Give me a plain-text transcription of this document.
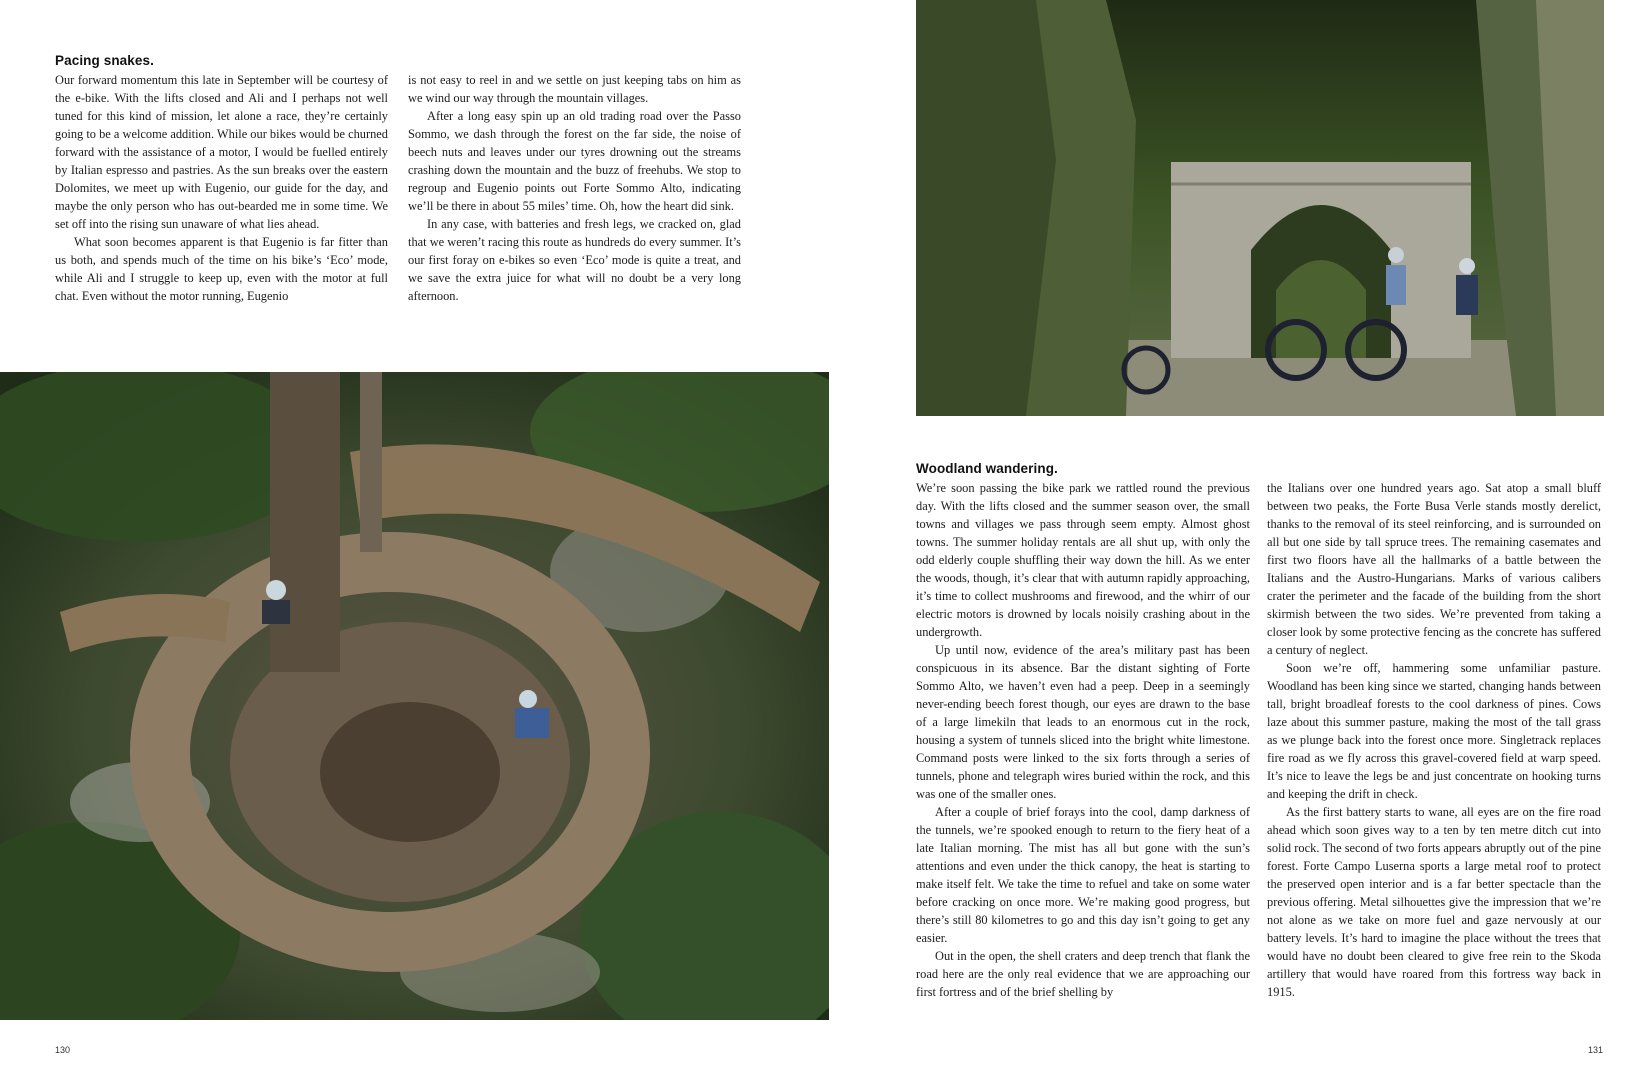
Pacing snakes.

Our forward momentum this late in September will be courtesy of the e-bike. With the lifts closed and Ali and I perhaps not well tuned for this kind of mission, let alone a race, they’re certainly going to be a welcome addition. While our bikes would be churned forward with the assistance of a motor, I would be fuelled entirely by Italian espresso and pastries. As the sun breaks over the eastern Dolomites, we meet up with Eugenio, our guide for the day, and maybe the only person who has out-bearded me in some time. We set off into the rising sun unaware of what lies ahead.

What soon becomes apparent is that Eugenio is far fitter than us both, and spends much of the time on his bike’s ‘Eco’ mode, while Ali and I struggle to keep up, even with the motor at full chat. Even without the motor running, Eugenio

is not easy to reel in and we settle on just keeping tabs on him as we wind our way through the mountain villages.

After a long easy spin up an old trading road over the Passo Sommo, we dash through the forest on the far side, the noise of beech nuts and leaves under our tyres drowning out the streams crashing down the mountain and the buzz of freehubs. We stop to regroup and Eugenio points out Forte Sommo Alto, indicating we’ll be there in about 55 miles’ time. Oh, how the heart did sink.

In any case, with batteries and fresh legs, we cracked on, glad that we weren’t racing this route as hundreds do every summer. It’s our first foray on e-bikes so even ‘Eco’ mode is quite a treat, and we save the extra juice for what will no doubt be a very long afternoon.

130
Woodland wandering.

We’re soon passing the bike park we rattled round the previous day. With the lifts closed and the summer season over, the small towns and villages we pass through seem empty. Almost ghost towns. The summer holiday rentals are all shut up, with only the odd elderly couple shuffling their way down the hill. As we enter the woods, though, it’s clear that with autumn rapidly approaching, it’s time to collect mushrooms and firewood, and the whirr of our electric motors is drowned by locals noisily crashing about in the undergrowth.

Up until now, evidence of the area’s military past has been conspicuous in its absence. Bar the distant sighting of Forte Sommo Alto, we haven’t even had a peep. Deep in a seemingly never-ending beech forest though, our eyes are drawn to the base of a large limekiln that leads to an enormous cut in the rock, housing a system of tunnels sliced into the bright white limestone. Command posts were linked to the six forts through a series of tunnels, phone and telegraph wires buried within the rock, and this was one of the smaller ones.

After a couple of brief forays into the cool, damp darkness of the tunnels, we’re spooked enough to return to the fiery heat of a late Italian morning. The mist has all but gone with the sun’s attentions and even under the thick canopy, the heat is starting to make itself felt. We take the time to refuel and take on some water before cracking on once more. We’re making good progress, but there’s still 80 kilometres to go and this day isn’t going to get any easier.

Out in the open, the shell craters and deep trench that flank the road here are the only real evidence that we are approaching our first fortress and of the brief shelling by

the Italians over one hundred years ago. Sat atop a small bluff between two peaks, the Forte Busa Verle stands mostly derelict, thanks to the removal of its steel reinforcing, and is surrounded on all but one side by tall spruce trees. The remaining casemates and first two floors have all the hallmarks of a battle between the Italians and the Austro-Hungarians. Marks of various calibers crater the perimeter and the facade of the building from the short skirmish between the two sides. We’re prevented from taking a closer look by some protective fencing as the concrete has suffered a century of neglect.

Soon we’re off, hammering some unfamiliar pasture. Woodland has been king since we started, changing hands between tall, bright broadleaf forests to the cool darkness of pines. Cows laze about this summer pasture, making the most of the tall grass as we plunge back into the forest once more. Singletrack replaces fire road as we fly across this gravel-covered field at warp speed. It’s nice to leave the legs be and just concentrate on hooking turns and keeping the drift in check.

As the first battery starts to wane, all eyes are on the fire road ahead which soon gives way to a ten by ten metre ditch cut into solid rock. The second of two forts appears abruptly out of the pine forest. Forte Campo Luserna sports a large metal roof to protect the preserved open interior and is a far better spectacle than the previous offering. Metal silhouettes give the impression that we’re not alone as we take on more fuel and gaze nervously at our battery levels. It’s hard to imagine the place without the trees that would have no doubt been cleared to give free rein to the Skoda artillery that would have roared from this fortress way back in 1915.

131
